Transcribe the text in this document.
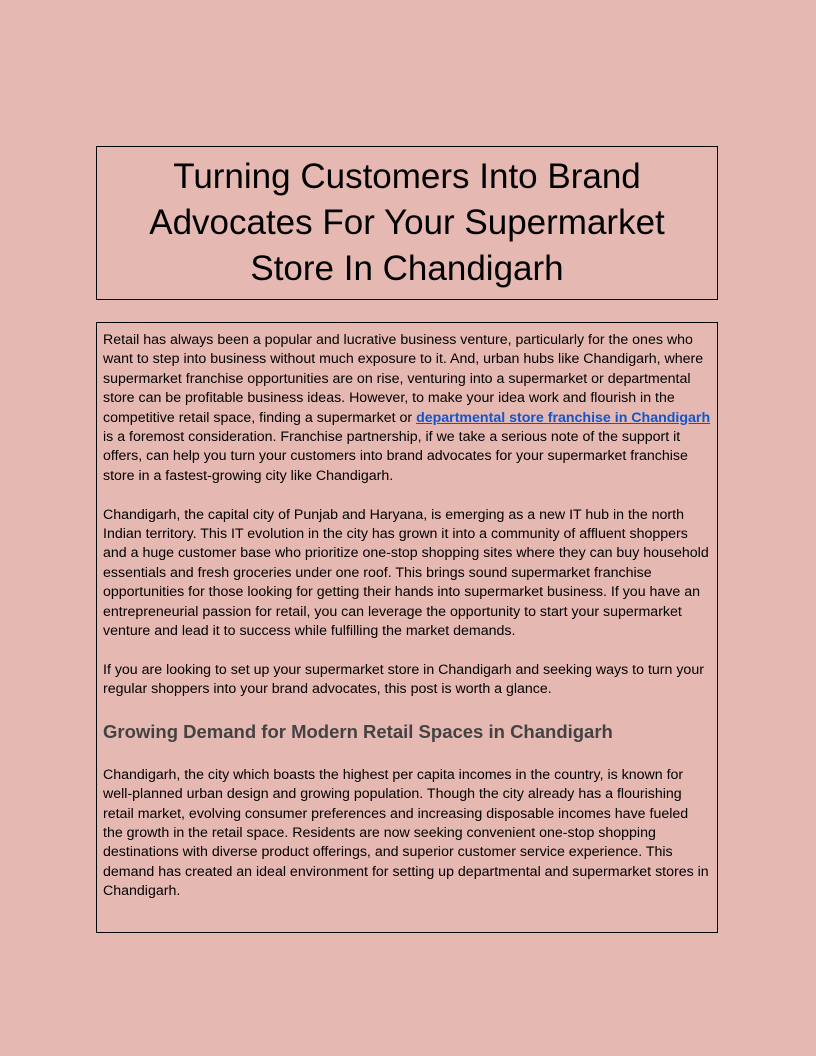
Turning Customers Into Brand Advocates For Your Supermarket Store In Chandigarh

Retail has always been a popular and lucrative business venture, particularly for the ones who want to step into business without much exposure to it. And, urban hubs like Chandigarh, where supermarket franchise opportunities are on rise, venturing into a supermarket or departmental store can be profitable business ideas. However, to make your idea work and flourish in the competitive retail space, finding a supermarket or departmental store franchise in Chandigarh is a foremost consideration. Franchise partnership, if we take a serious note of the support it offers, can help you turn your customers into brand advocates for your supermarket franchise store in a fastest-growing city like Chandigarh.

Chandigarh, the capital city of Punjab and Haryana, is emerging as a new IT hub in the north Indian territory. This IT evolution in the city has grown it into a community of affluent shoppers and a huge customer base who prioritize one-stop shopping sites where they can buy household essentials and fresh groceries under one roof. This brings sound supermarket franchise opportunities for those looking for getting their hands into supermarket business. If you have an entrepreneurial passion for retail, you can leverage the opportunity to start your supermarket venture and lead it to success while fulfilling the market demands.

If you are looking to set up your supermarket store in Chandigarh and seeking ways to turn your regular shoppers into your brand advocates, this post is worth a glance.

Growing Demand for Modern Retail Spaces in Chandigarh

Chandigarh, the city which boasts the highest per capita incomes in the country, is known for well-planned urban design and growing population. Though the city already has a flourishing retail market, evolving consumer preferences and increasing disposable incomes have fueled the growth in the retail space. Residents are now seeking convenient one-stop shopping destinations with diverse product offerings, and superior customer service experience. This demand has created an ideal environment for setting up departmental and supermarket stores in Chandigarh.
